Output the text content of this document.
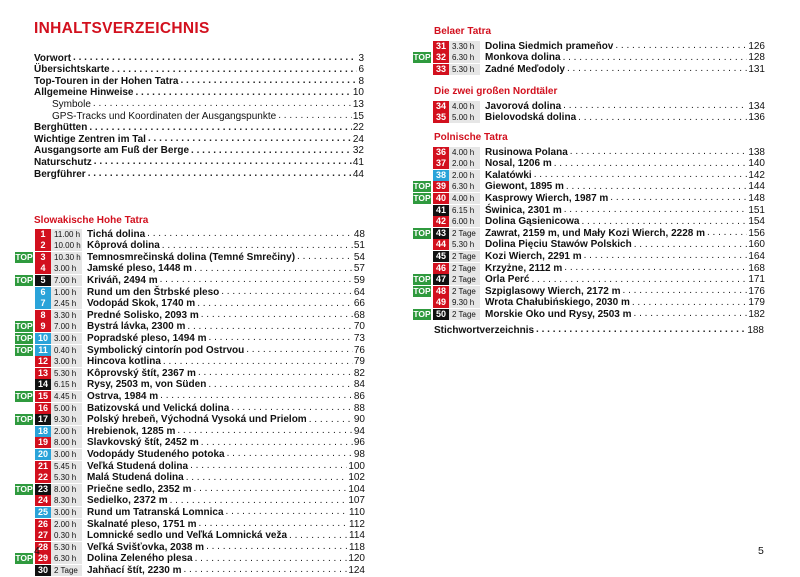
INHALTSVERZEICHNIS
Vorwort . . .	3
Übersichtskarte . . .	6
Top-Touren in der Hohen Tatra . . .	8
Allgemeine Hinweise . . .	10
Symbole . . .	13
GPS-Tracks und Koordinaten der Ausgangspunkte . . .	15
Berghütten . . .	22
Wichtige Zentren im Tal . . .	24
Ausgangsorte am Fuß der Berge . . .	32
Naturschutz . . .	41
Bergführer . . .	44
Slowakische Hohe Tatra
1	11.00 h Tichá dolina . . .	48
2	10.00 h Kôprová dolina . . .	51
TOP 3	10.30 h Temnosmrečinská dolina (Temné Smrečiny) . . .	54
4	3.00 h	Jamské pleso, 1448 m . . .	57
TOP 5	7.00 h	Kriváň, 2494 m . . .	59
6	1.00 h	Rund um den Štrbské pleso . . .	64
7	2.45 h	Vodopád Skok, 1740 m . . .	66
8	3.30 h	Predné Solisko, 2093 m . . .	68
TOP 9	7.00 h	Bystrá lávka, 2300 m . . .	70
TOP 10 3.00 h	Popradské pleso, 1494 m . . .	73
TOP 11 0.40 h	Symbolický cintorín pod Ostrvou . . .	76
12 3.00 h	Hincova kotlina . . .	79
13 5.30 h	Kôprovský štít, 2367 m . . .	82
14 6.15 h	Rysy, 2503 m, von Süden . . .	84
TOP 15 4.45 h	Ostrva, 1984 m . . .	86
16 5.00 h	Batizovská und Velická dolina . . .	88
TOP 17 9.30 h	Polský hrebeň, Východná Vysoká und Prielom . . .	90
18 2.00 h	Hrebienok, 1285 m . . .	94
19 8.00 h	Slavkovský štít, 2452 m . . .	96
20 3.00 h	Vodopády Studeného potoka . . .	98
21 5.45 h	Veľká Studená dolina . . .	100
22 5.30 h	Malá Studená dolina . . .	102
TOP 23 8.00 h	Priečne sedlo, 2352 m . . .	104
24 8.30 h	Sedielko, 2372 m . . .	107
25 3.00 h	Rund um Tatranská Lomnica . . .	110
26 2.00 h	Skalnaté pleso, 1751 m . . .	112
27 0.30 h	Lomnické sedlo und Veľká Lomnická veža . . .	114
28 5.30 h	Veľká Svišťovka, 2038 m . . .	118
TOP 29 6.30 h	Dolina Zeleného plesa . . .	120
30 2 Tage Jahňací štít, 2230 m . . .	124
4
Belaer Tatra
31 3.30 h	Dolina Siedmich prameňov . . .	126
TOP 32 6.30 h	Monkova dolina . . .	128
33 5.30 h	Zadné Meďodoly . . .	131
Die zwei großen Nordtäler
34 4.00 h	Javorová dolina . . .	134
35 5.00 h	Bielovodská dolina . . .	136
Polnische Tatra
36 4.00 h	Rusinowa Polana . . .	138
37 2.00 h	Nosal, 1206 m . . .	140
38 2.00 h	Kalatówki . . .	142
TOP 39 6.30 h	Giewont, 1895 m . . .	144
TOP 40 4.00 h	Kasprowy Wierch, 1987 m . . .	148
41 6.15 h	Świnica, 2301 m . . .	151
42 6.00 h	Dolina Gąsienicowa . . .	154
TOP 43 2 Tage Zawrat, 2159 m, und Mały Kozi Wierch, 2228 m . . .	156
44 5.30 h	Dolina Pięciu Stawów Polskich . . .	160
45 2 Tage Kozi Wierch, 2291 m . . .	164
46 2 Tage Krzyżne, 2112 m . . .	168
TOP 47 2 Tage Orla Perć . . .	171
TOP 48 2 Tage Szpiglasowy Wierch, 2172 m . . .	176
49 9.30 h	Wrota Chałubińskiego, 2030 m . . .	179
TOP 50 2 Tage Morskie Oko und Rysy, 2503 m . . .	182
Stichwortverzeichnis . . .	188
5
